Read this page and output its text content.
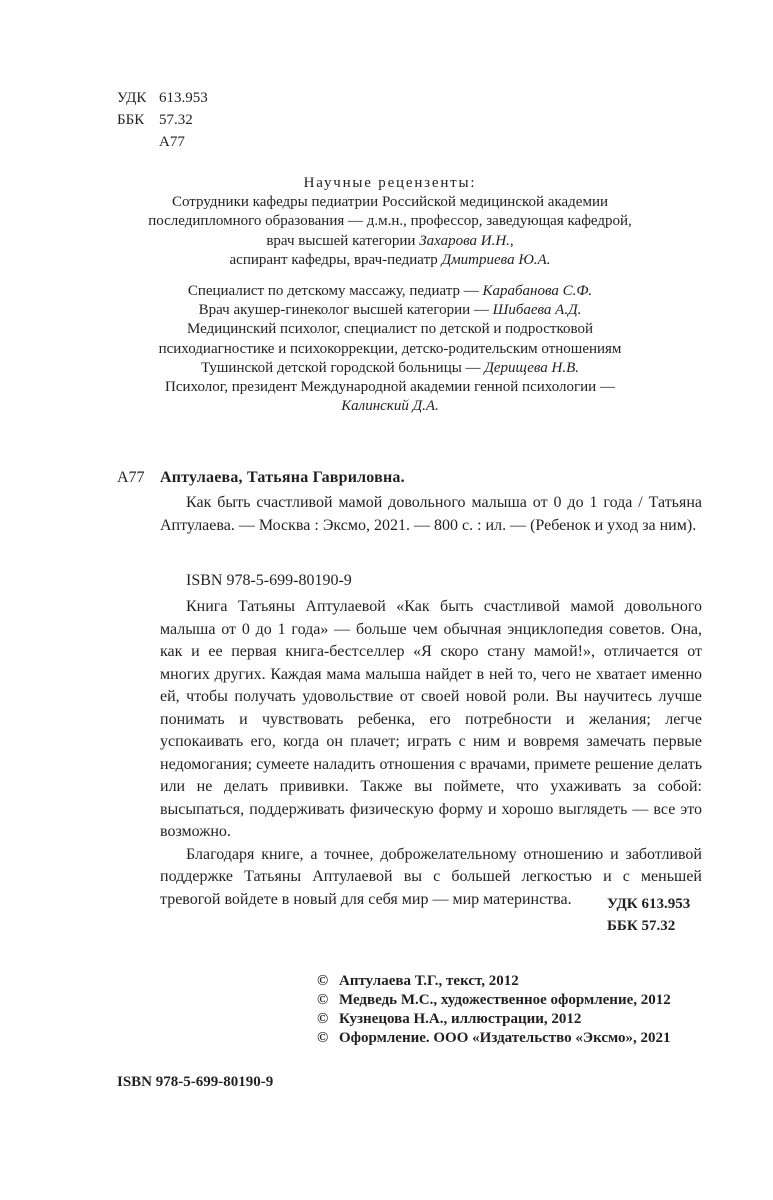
УДК 613.953
ББК 57.32
А77
Научные рецензенты:
Сотрудники кафедры педиатрии Российской медицинской академии
последипломного образования — д.м.н., профессор, заведующая кафедрой,
врач высшей категории Захарова И.Н.,
аспирант кафедры, врач-педиатр Дмитриева Ю.А.
Специалист по детскому массажу, педиатр — Карабанова С.Ф.
Врач акушер-гинеколог высшей категории — Шибаева А.Д.
Медицинский психолог, специалист по детской и подростковой
психодиагностике и психокоррекции, детско-родительским отношениям
Тушинской детской городской больницы — Дерищева Н.В.
Психолог, президент Международной академии генной психологии —
Калинский Д.А.
А77 Аптулаева, Татьяна Гавриловна.
Как быть счастливой мамой довольного малыша от 0 до 1 года / Татьяна Аптулаева. — Москва : Эксмо, 2021. — 800 с. : ил. — (Ребенок и уход за ним).
ISBN 978-5-699-80190-9

Книга Татьяны Аптулаевой «Как быть счастливой мамой довольного малыша от 0 до 1 года» — больше чем обычная энциклопедия советов. Она, как и ее первая книга-бестселлер «Я скоро стану мамой!», отличается от многих других. Каждая мама малыша найдет в ней то, чего не хватает именно ей, чтобы получать удовольствие от своей новой роли. Вы научитесь лучше понимать и чувствовать ребенка, его потребности и желания; легче успокаивать его, когда он плачет; играть с ним и вовремя замечать первые недомогания; сумеете наладить отношения с врачами, примете решение делать или не делать прививки. Также вы поймете, что ухаживать за собой: высыпаться, поддерживать физическую форму и хорошо выглядеть — все это возможно.

Благодаря книге, а точнее, доброжелательному отношению и заботливой поддержке Татьяны Аптулаевой вы с большей легкостью и с меньшей тревогой войдете в новый для себя мир — мир материнства.	УДК 613.953
ББК 57.32
© Аптулаева Т.Г., текст, 2012
© Медведь М.С., художественное оформление, 2012
© Кузнецова Н.А., иллюстрации, 2012
© Оформление. ООО «Издательство «Эксмо», 2021
ISBN 978-5-699-80190-9
